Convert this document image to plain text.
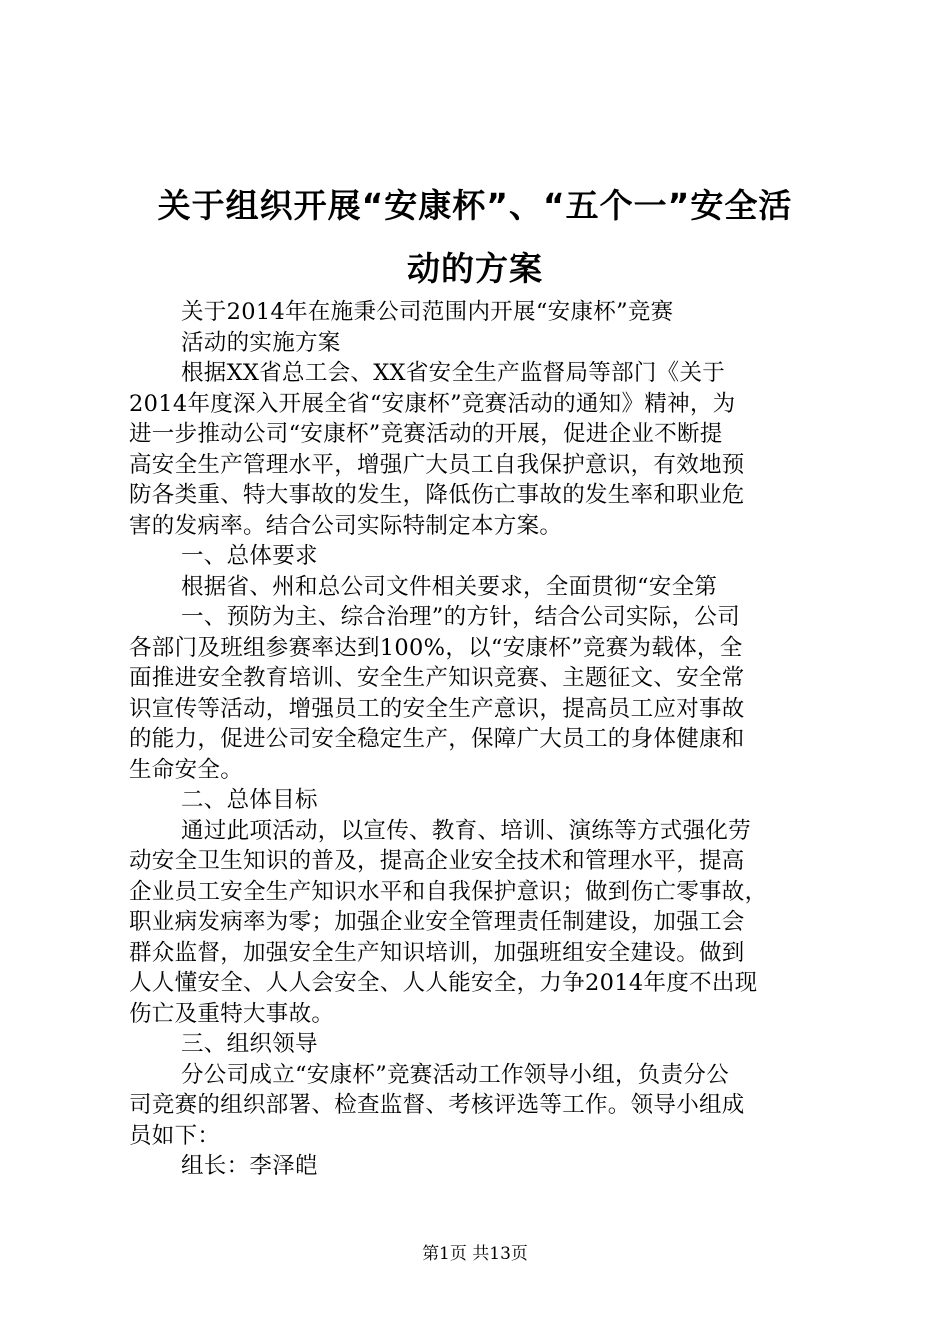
关于组织开展“安康杯”、“五个一”安全活
动的方案
关于2014年在施秉公司范围内开展“安康杯”竞赛
活动的实施方案
根据XX省总工会、XX省安全生产监督局等部门《关于
2014年度深入开展全省“安康杯”竞赛活动的通知》精神，为
进一步推动公司“安康杯”竞赛活动的开展，促进企业不断提
高安全生产管理水平，增强广大员工自我保护意识，有效地预
防各类重、特大事故的发生，降低伤亡事故的发生率和职业危
害的发病率。结合公司实际特制定本方案。
一、总体要求
根据省、州和总公司文件相关要求，全面贯彻“安全第
一、预防为主、综合治理”的方针，结合公司实际，公司
各部门及班组参赛率达到100%，以“安康杯”竞赛为载体，全
面推进安全教育培训、安全生产知识竞赛、主题征文、安全常
识宣传等活动，增强员工的安全生产意识，提高员工应对事故
的能力，促进公司安全稳定生产，保障广大员工的身体健康和
生命安全。
二、总体目标
通过此项活动，以宣传、教育、培训、演练等方式强化劳
动安全卫生知识的普及，提高企业安全技术和管理水平，提高
企业员工安全生产知识水平和自我保护意识；做到伤亡零事故，
职业病发病率为零；加强企业安全管理责任制建设，加强工会
群众监督，加强安全生产知识培训，加强班组安全建设。做到
人人懂安全、人人会安全、人人能安全，力争2014年度不出现
伤亡及重特大事故。
三、组织领导
分公司成立“安康杯”竞赛活动工作领导小组，负责分公
司竞赛的组织部署、检查监督、考核评选等工作。领导小组成
员如下：
组长：李泽皑
第1页 共13页
